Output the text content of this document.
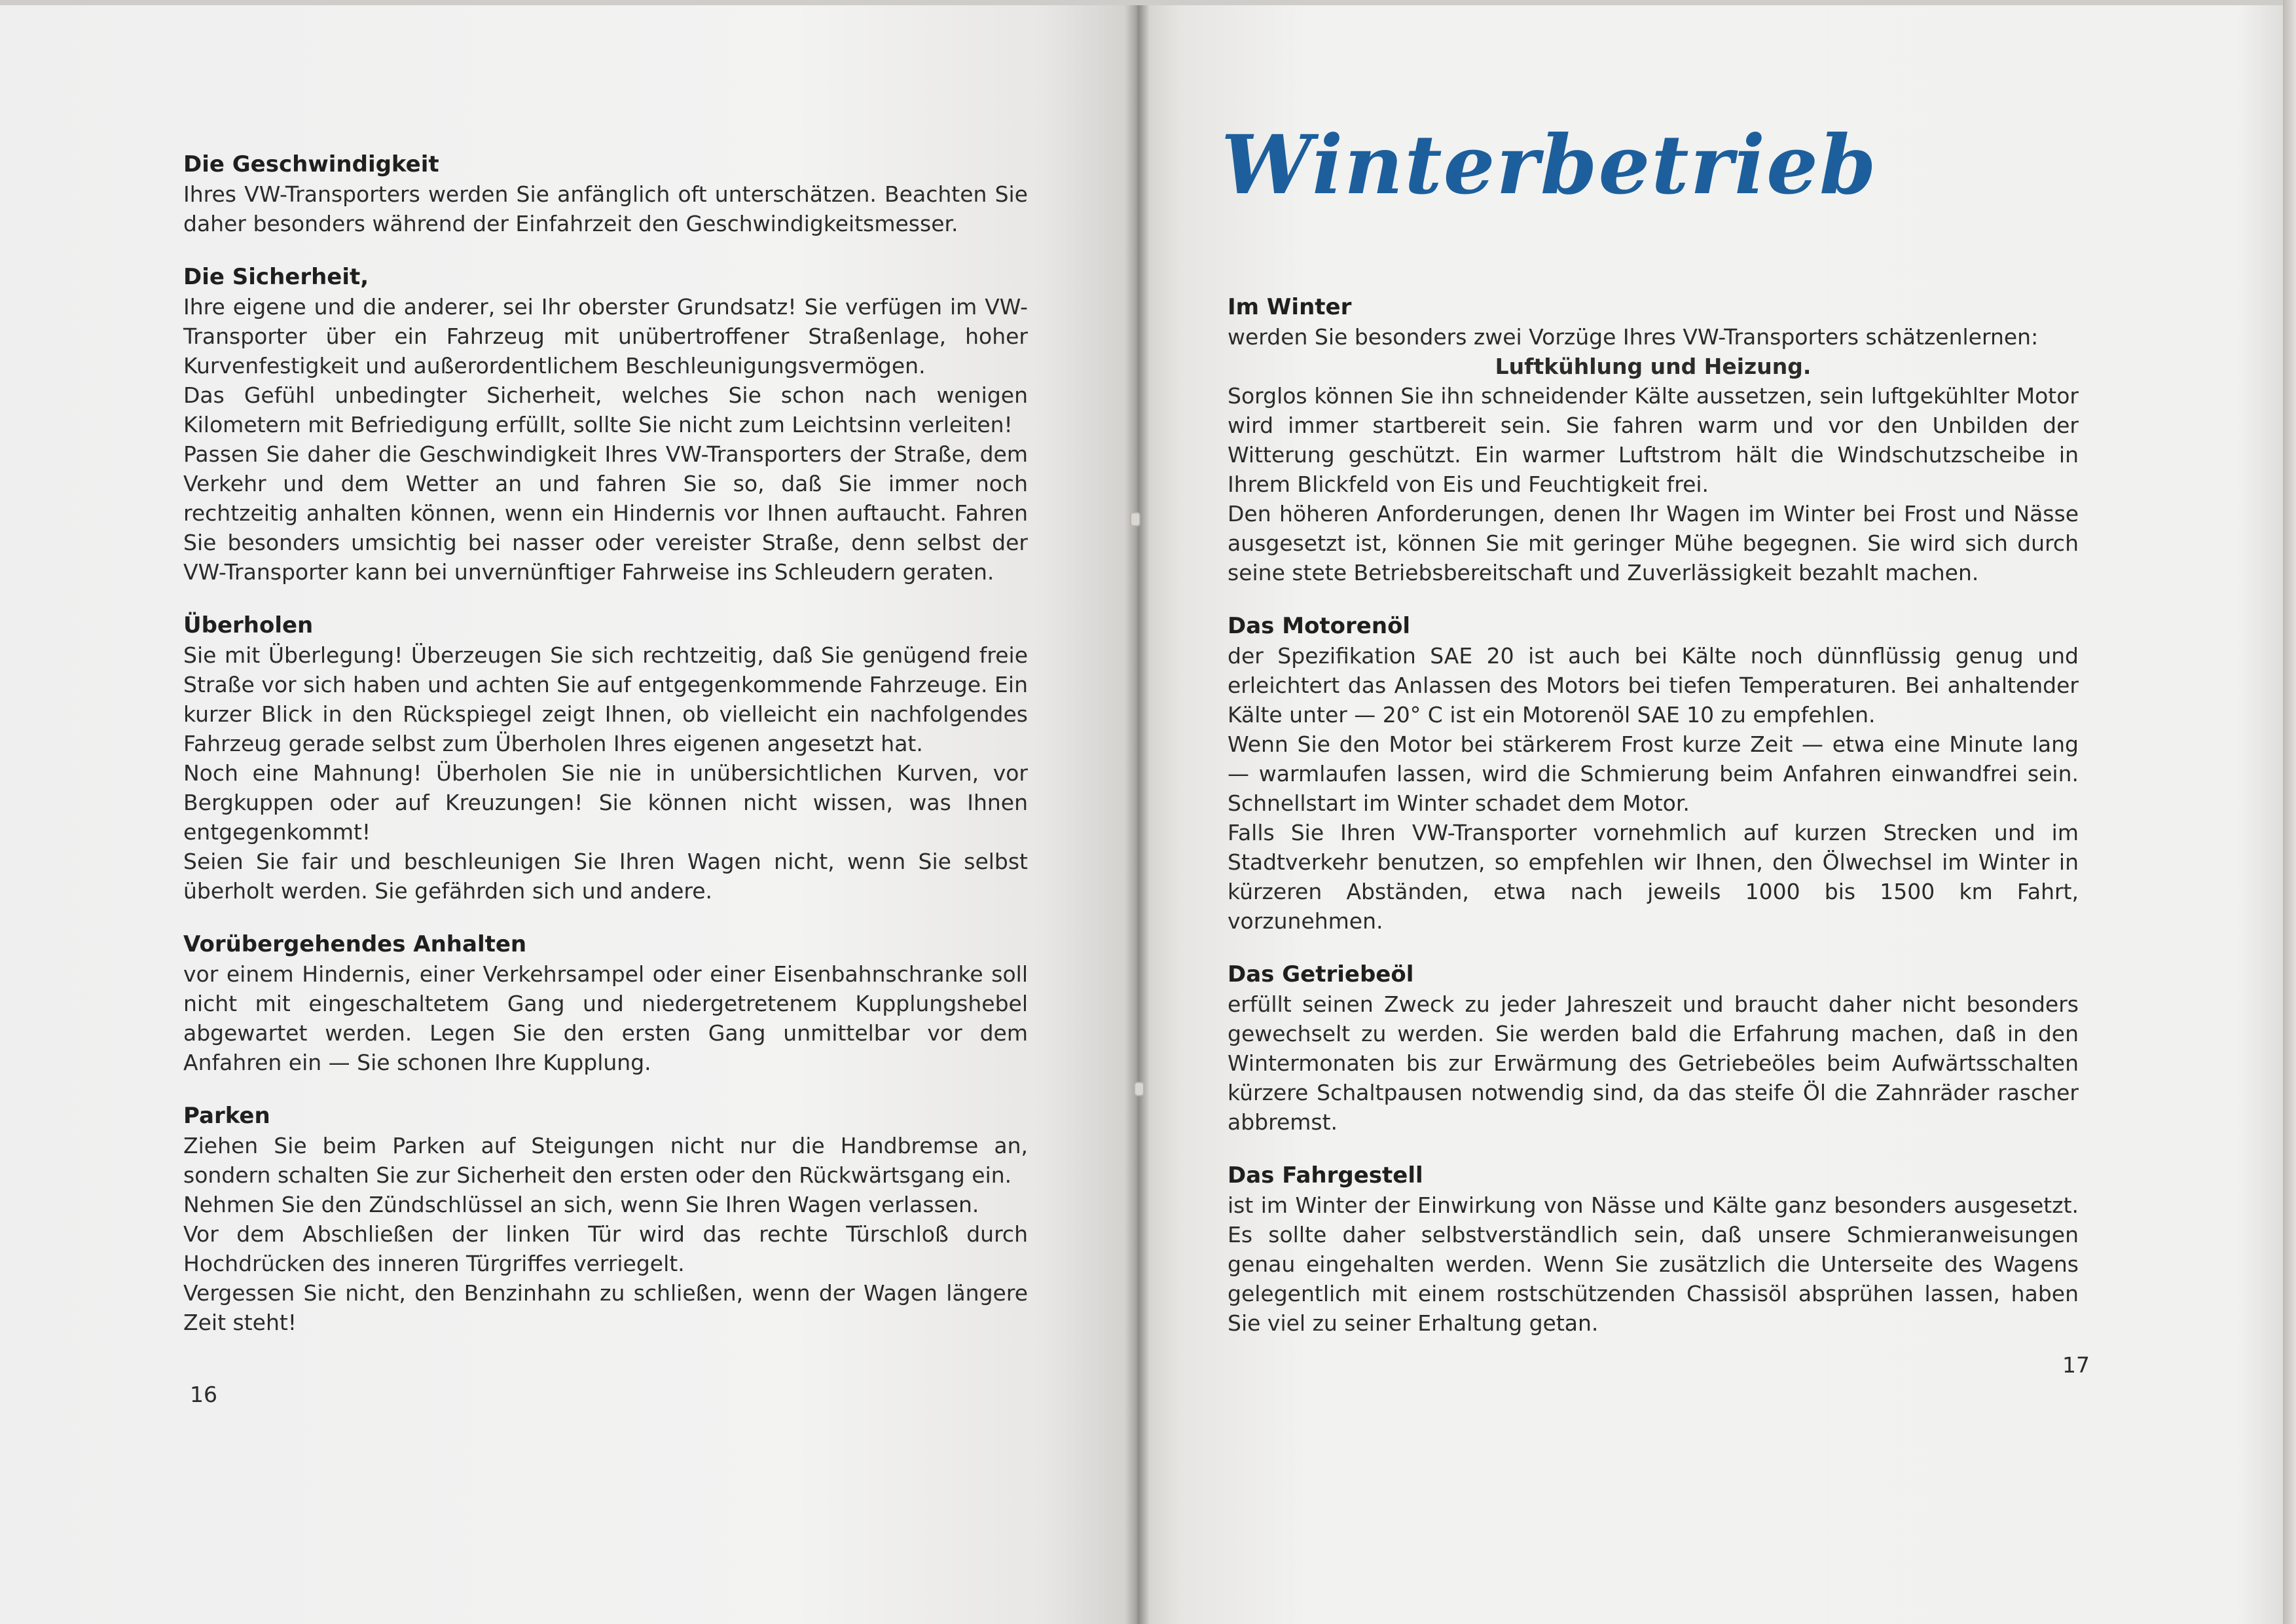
Die Geschwindigkeit

Ihres VW-Transporters werden Sie anfänglich oft unterschätzen. Beachten Sie daher besonders während der Einfahrzeit den Geschwindigkeitsmesser.

Die Sicherheit,

Ihre eigene und die anderer, sei Ihr oberster Grundsatz! Sie verfügen im VW-Transporter über ein Fahrzeug mit unübertroffener Straßenlage, hoher Kurvenfestigkeit und außerordentlichem Beschleunigungsvermögen.

Das Gefühl unbedingter Sicherheit, welches Sie schon nach wenigen Kilometern mit Befriedigung erfüllt, sollte Sie nicht zum Leichtsinn verleiten!

Passen Sie daher die Geschwindigkeit Ihres VW-Transporters der Straße, dem Verkehr und dem Wetter an und fahren Sie so, daß Sie immer noch rechtzeitig anhalten können, wenn ein Hindernis vor Ihnen auftaucht. Fahren Sie besonders umsichtig bei nasser oder vereister Straße, denn selbst der VW-Transporter kann bei unvernünftiger Fahrweise ins Schleudern geraten.

Überholen

Sie mit Überlegung! Überzeugen Sie sich rechtzeitig, daß Sie genügend freie Straße vor sich haben und achten Sie auf entgegenkommende Fahrzeuge. Ein kurzer Blick in den Rückspiegel zeigt Ihnen, ob vielleicht ein nachfolgendes Fahrzeug gerade selbst zum Überholen Ihres eigenen angesetzt hat.

Noch eine Mahnung! Überholen Sie nie in unübersichtlichen Kurven, vor Bergkuppen oder auf Kreuzungen! Sie können nicht wissen, was Ihnen entgegenkommt!

Seien Sie fair und beschleunigen Sie Ihren Wagen nicht, wenn Sie selbst überholt werden. Sie gefährden sich und andere.

Vorübergehendes Anhalten

vor einem Hindernis, einer Verkehrsampel oder einer Eisenbahnschranke soll nicht mit eingeschaltetem Gang und niedergetretenem Kupplungshebel abgewartet werden. Legen Sie den ersten Gang unmittelbar vor dem Anfahren ein — Sie schonen Ihre Kupplung.

Parken

Ziehen Sie beim Parken auf Steigungen nicht nur die Handbremse an, sondern schalten Sie zur Sicherheit den ersten oder den Rückwärtsgang ein.

Nehmen Sie den Zündschlüssel an sich, wenn Sie Ihren Wagen verlassen.

Vor dem Abschließen der linken Tür wird das rechte Türschloß durch Hochdrücken des inneren Türgriffes verriegelt.

Vergessen Sie nicht, den Benzinhahn zu schließen, wenn der Wagen längere Zeit steht!

16
Winterbetrieb
Im Winter

werden Sie besonders zwei Vorzüge Ihres VW-Transporters schätzenlernen:

Luftkühlung und Heizung.

Sorglos können Sie ihn schneidender Kälte aussetzen, sein luftgekühlter Motor wird immer startbereit sein. Sie fahren warm und vor den Unbilden der Witterung geschützt. Ein warmer Luftstrom hält die Windschutzscheibe in Ihrem Blickfeld von Eis und Feuchtigkeit frei.

Den höheren Anforderungen, denen Ihr Wagen im Winter bei Frost und Nässe ausgesetzt ist, können Sie mit geringer Mühe begegnen. Sie wird sich durch seine stete Betriebsbereitschaft und Zuverlässigkeit bezahlt machen.

Das Motorenöl

der Spezifikation SAE 20 ist auch bei Kälte noch dünnflüssig genug und erleichtert das Anlassen des Motors bei tiefen Temperaturen. Bei anhaltender Kälte unter — 20° C ist ein Motorenöl SAE 10 zu empfehlen.

Wenn Sie den Motor bei stärkerem Frost kurze Zeit — etwa eine Minute lang — warmlaufen lassen, wird die Schmierung beim Anfahren einwandfrei sein. Schnellstart im Winter schadet dem Motor.

Falls Sie Ihren VW-Transporter vornehmlich auf kurzen Strecken und im Stadtverkehr benutzen, so empfehlen wir Ihnen, den Ölwechsel im Winter in kürzeren Abständen, etwa nach jeweils 1000 bis 1500 km Fahrt, vorzunehmen.

Das Getriebeöl

erfüllt seinen Zweck zu jeder Jahreszeit und braucht daher nicht besonders gewechselt zu werden. Sie werden bald die Erfahrung machen, daß in den Wintermonaten bis zur Erwärmung des Getriebeöles beim Aufwärtsschalten kürzere Schaltpausen notwendig sind, da das steife Öl die Zahnräder rascher abbremst.

Das Fahrgestell

ist im Winter der Einwirkung von Nässe und Kälte ganz besonders ausgesetzt. Es sollte daher selbstverständlich sein, daß unsere Schmieranweisungen genau eingehalten werden. Wenn Sie zusätzlich die Unterseite des Wagens gelegentlich mit einem rostschützenden Chassisöl absprühen lassen, haben Sie viel zu seiner Erhaltung getan.

17
